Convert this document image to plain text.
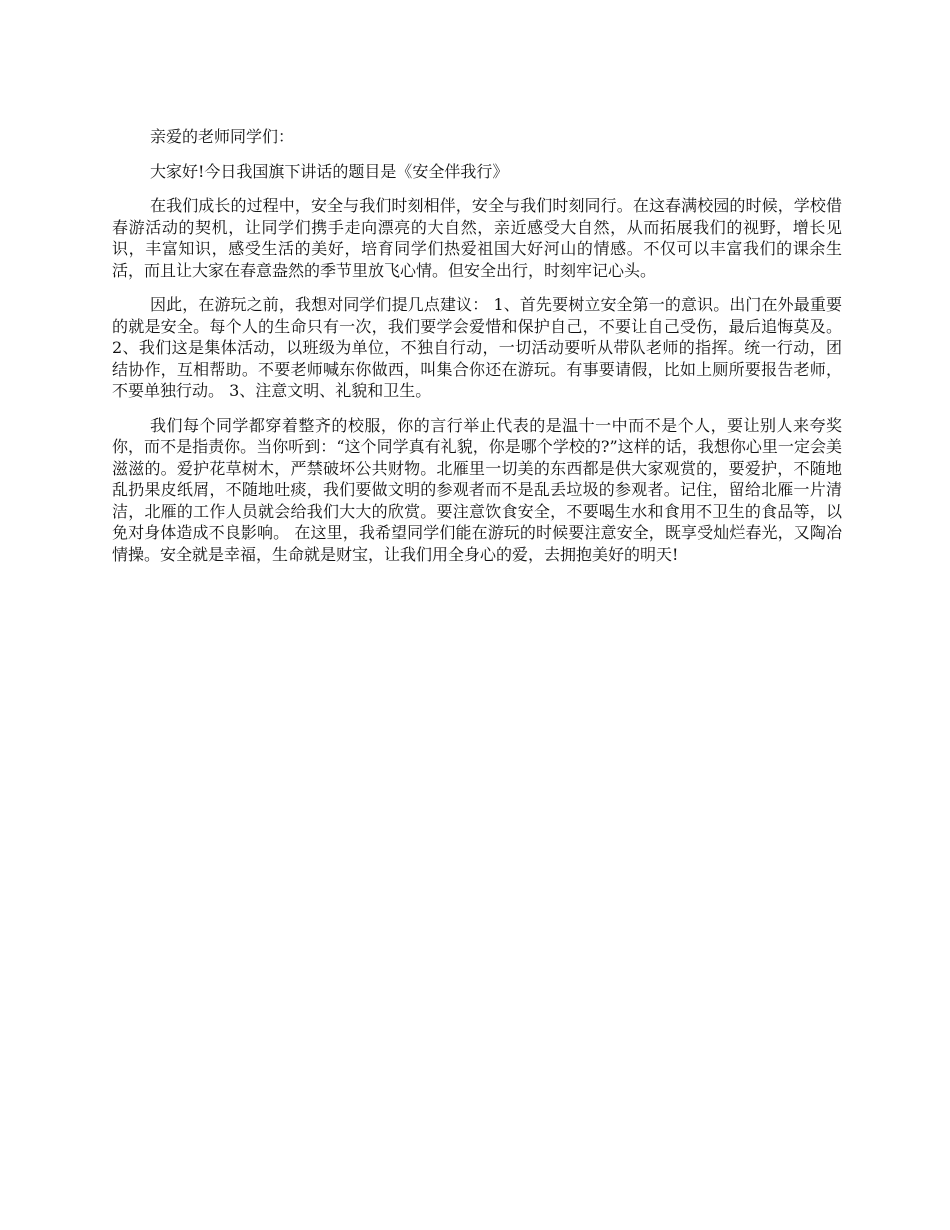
亲爱的老师同学们：

大家好!今日我国旗下讲话的题目是《安全伴我行》

在我们成长的过程中，安全与我们时刻相伴，安全与我们时刻同行。在这春满校园的时候，学校借春游活动的契机，让同学们携手走向漂亮的大自然，亲近感受大自然，从而拓展我们的视野，增长见识，丰富知识，感受生活的美好，培育同学们热爱祖国大好河山的情感。不仅可以丰富我们的课余生活，而且让大家在春意盎然的季节里放飞心情。但安全出行，时刻牢记心头。

因此，在游玩之前，我想对同学们提几点建议： 1、首先要树立安全第一的意识。出门在外最重要的就是安全。每个人的生命只有一次，我们要学会爱惜和保护自己，不要让自己受伤，最后追悔莫及。 2、我们这是集体活动，以班级为单位，不独自行动，一切活动要听从带队老师的指挥。统一行动，团结协作，互相帮助。不要老师喊东你做西，叫集合你还在游玩。有事要请假，比如上厕所要报告老师，不要单独行动。 3、注意文明、礼貌和卫生。

我们每个同学都穿着整齐的校服，你的言行举止代表的是温十一中而不是个人，要让别人来夸奖你，而不是指责你。当你听到：“这个同学真有礼貌，你是哪个学校的?”这样的话，我想你心里一定会美滋滋的。爱护花草树木，严禁破坏公共财物。北雁里一切美的东西都是供大家观赏的，要爱护，不随地乱扔果皮纸屑，不随地吐痰，我们要做文明的参观者而不是乱丢垃圾的参观者。记住，留给北雁一片清洁，北雁的工作人员就会给我们大大的欣赏。要注意饮食安全，不要喝生水和食用不卫生的食品等，以免对身体造成不良影响。 在这里，我希望同学们能在游玩的时候要注意安全，既享受灿烂春光，又陶冶情操。安全就是幸福，生命就是财宝，让我们用全身心的爱，去拥抱美好的明天!
